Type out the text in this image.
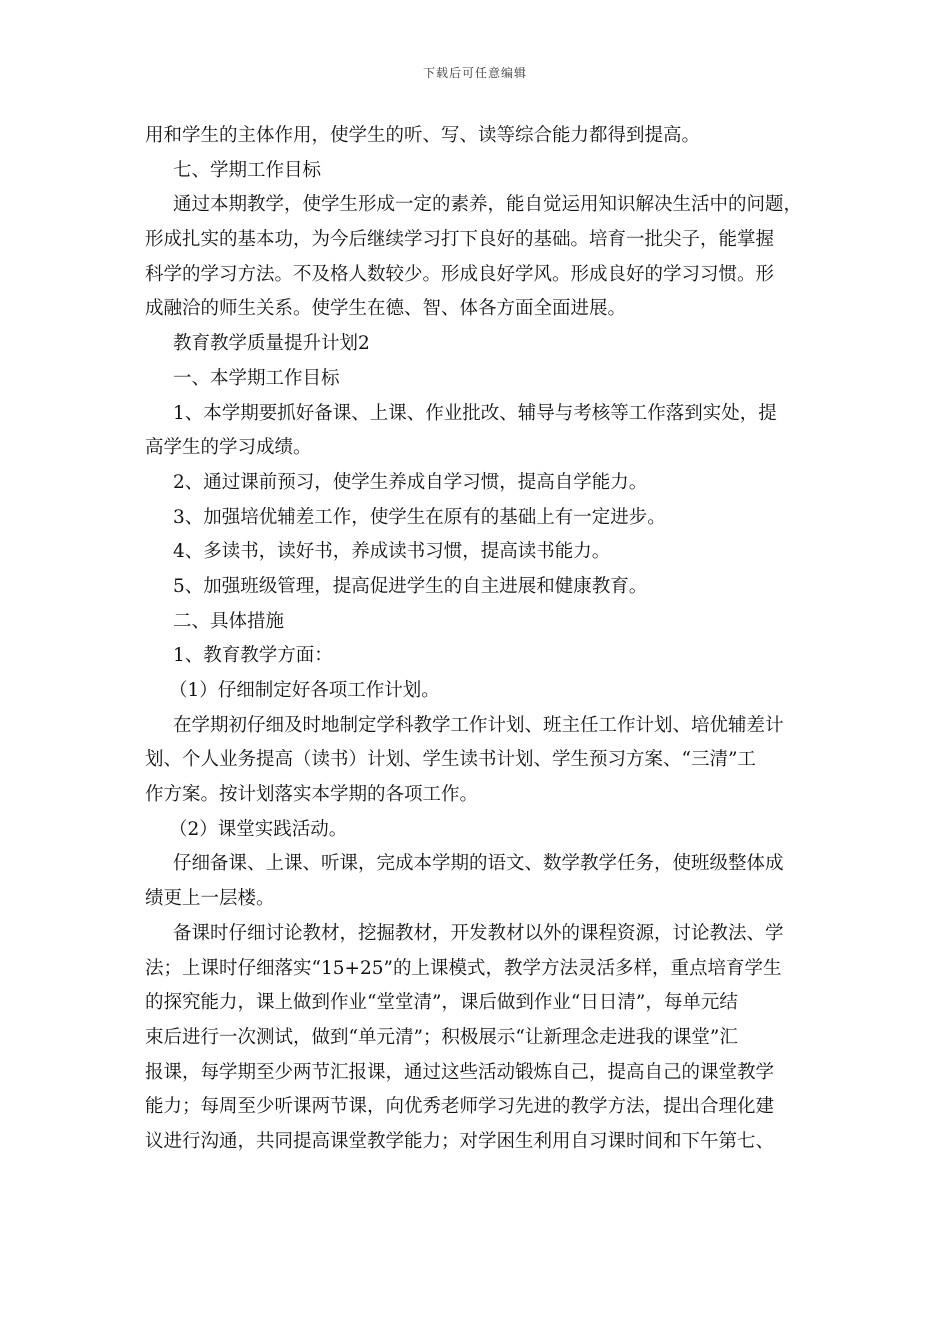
下载后可任意编辑
用和学生的主体作用，使学生的听、写、读等综合能力都得到提高。
七、学期工作目标
通过本期教学，使学生形成一定的素养，能自觉运用知识解决生活中的问题，
形成扎实的基本功，为今后继续学习打下良好的基础。培育一批尖子，能掌握
科学的学习方法。不及格人数较少。形成良好学风。形成良好的学习习惯。形
成融洽的师生关系。使学生在德、智、体各方面全面进展。
教育教学质量提升计划2
一、本学期工作目标
1、本学期要抓好备课、上课、作业批改、辅导与考核等工作落到实处，提
高学生的学习成绩。
2、通过课前预习，使学生养成自学习惯，提高自学能力。
3、加强培优辅差工作，使学生在原有的基础上有一定进步。
4、多读书，读好书，养成读书习惯，提高读书能力。
5、加强班级管理，提高促进学生的自主进展和健康教育。
二、具体措施
1、教育教学方面：
（1）仔细制定好各项工作计划。
在学期初仔细及时地制定学科教学工作计划、班主任工作计划、培优辅差计
划、个人业务提高（读书）计划、学生读书计划、学生预习方案、“三清”工
作方案。按计划落实本学期的各项工作。
（2）课堂实践活动。
仔细备课、上课、听课，完成本学期的语文、数学教学任务，使班级整体成
绩更上一层楼。
备课时仔细讨论教材，挖掘教材，开发教材以外的课程资源，讨论教法、学
法；上课时仔细落实“15+25”的上课模式，教学方法灵活多样，重点培育学生
的探究能力，课上做到作业“堂堂清”，课后做到作业“日日清”，每单元结
束后进行一次测试，做到“单元清”；积极展示“让新理念走进我的课堂”汇
报课，每学期至少两节汇报课，通过这些活动锻炼自己，提高自己的课堂教学
能力；每周至少听课两节课，向优秀老师学习先进的教学方法，提出合理化建
议进行沟通，共同提高课堂教学能力；对学困生利用自习课时间和下午第七、
